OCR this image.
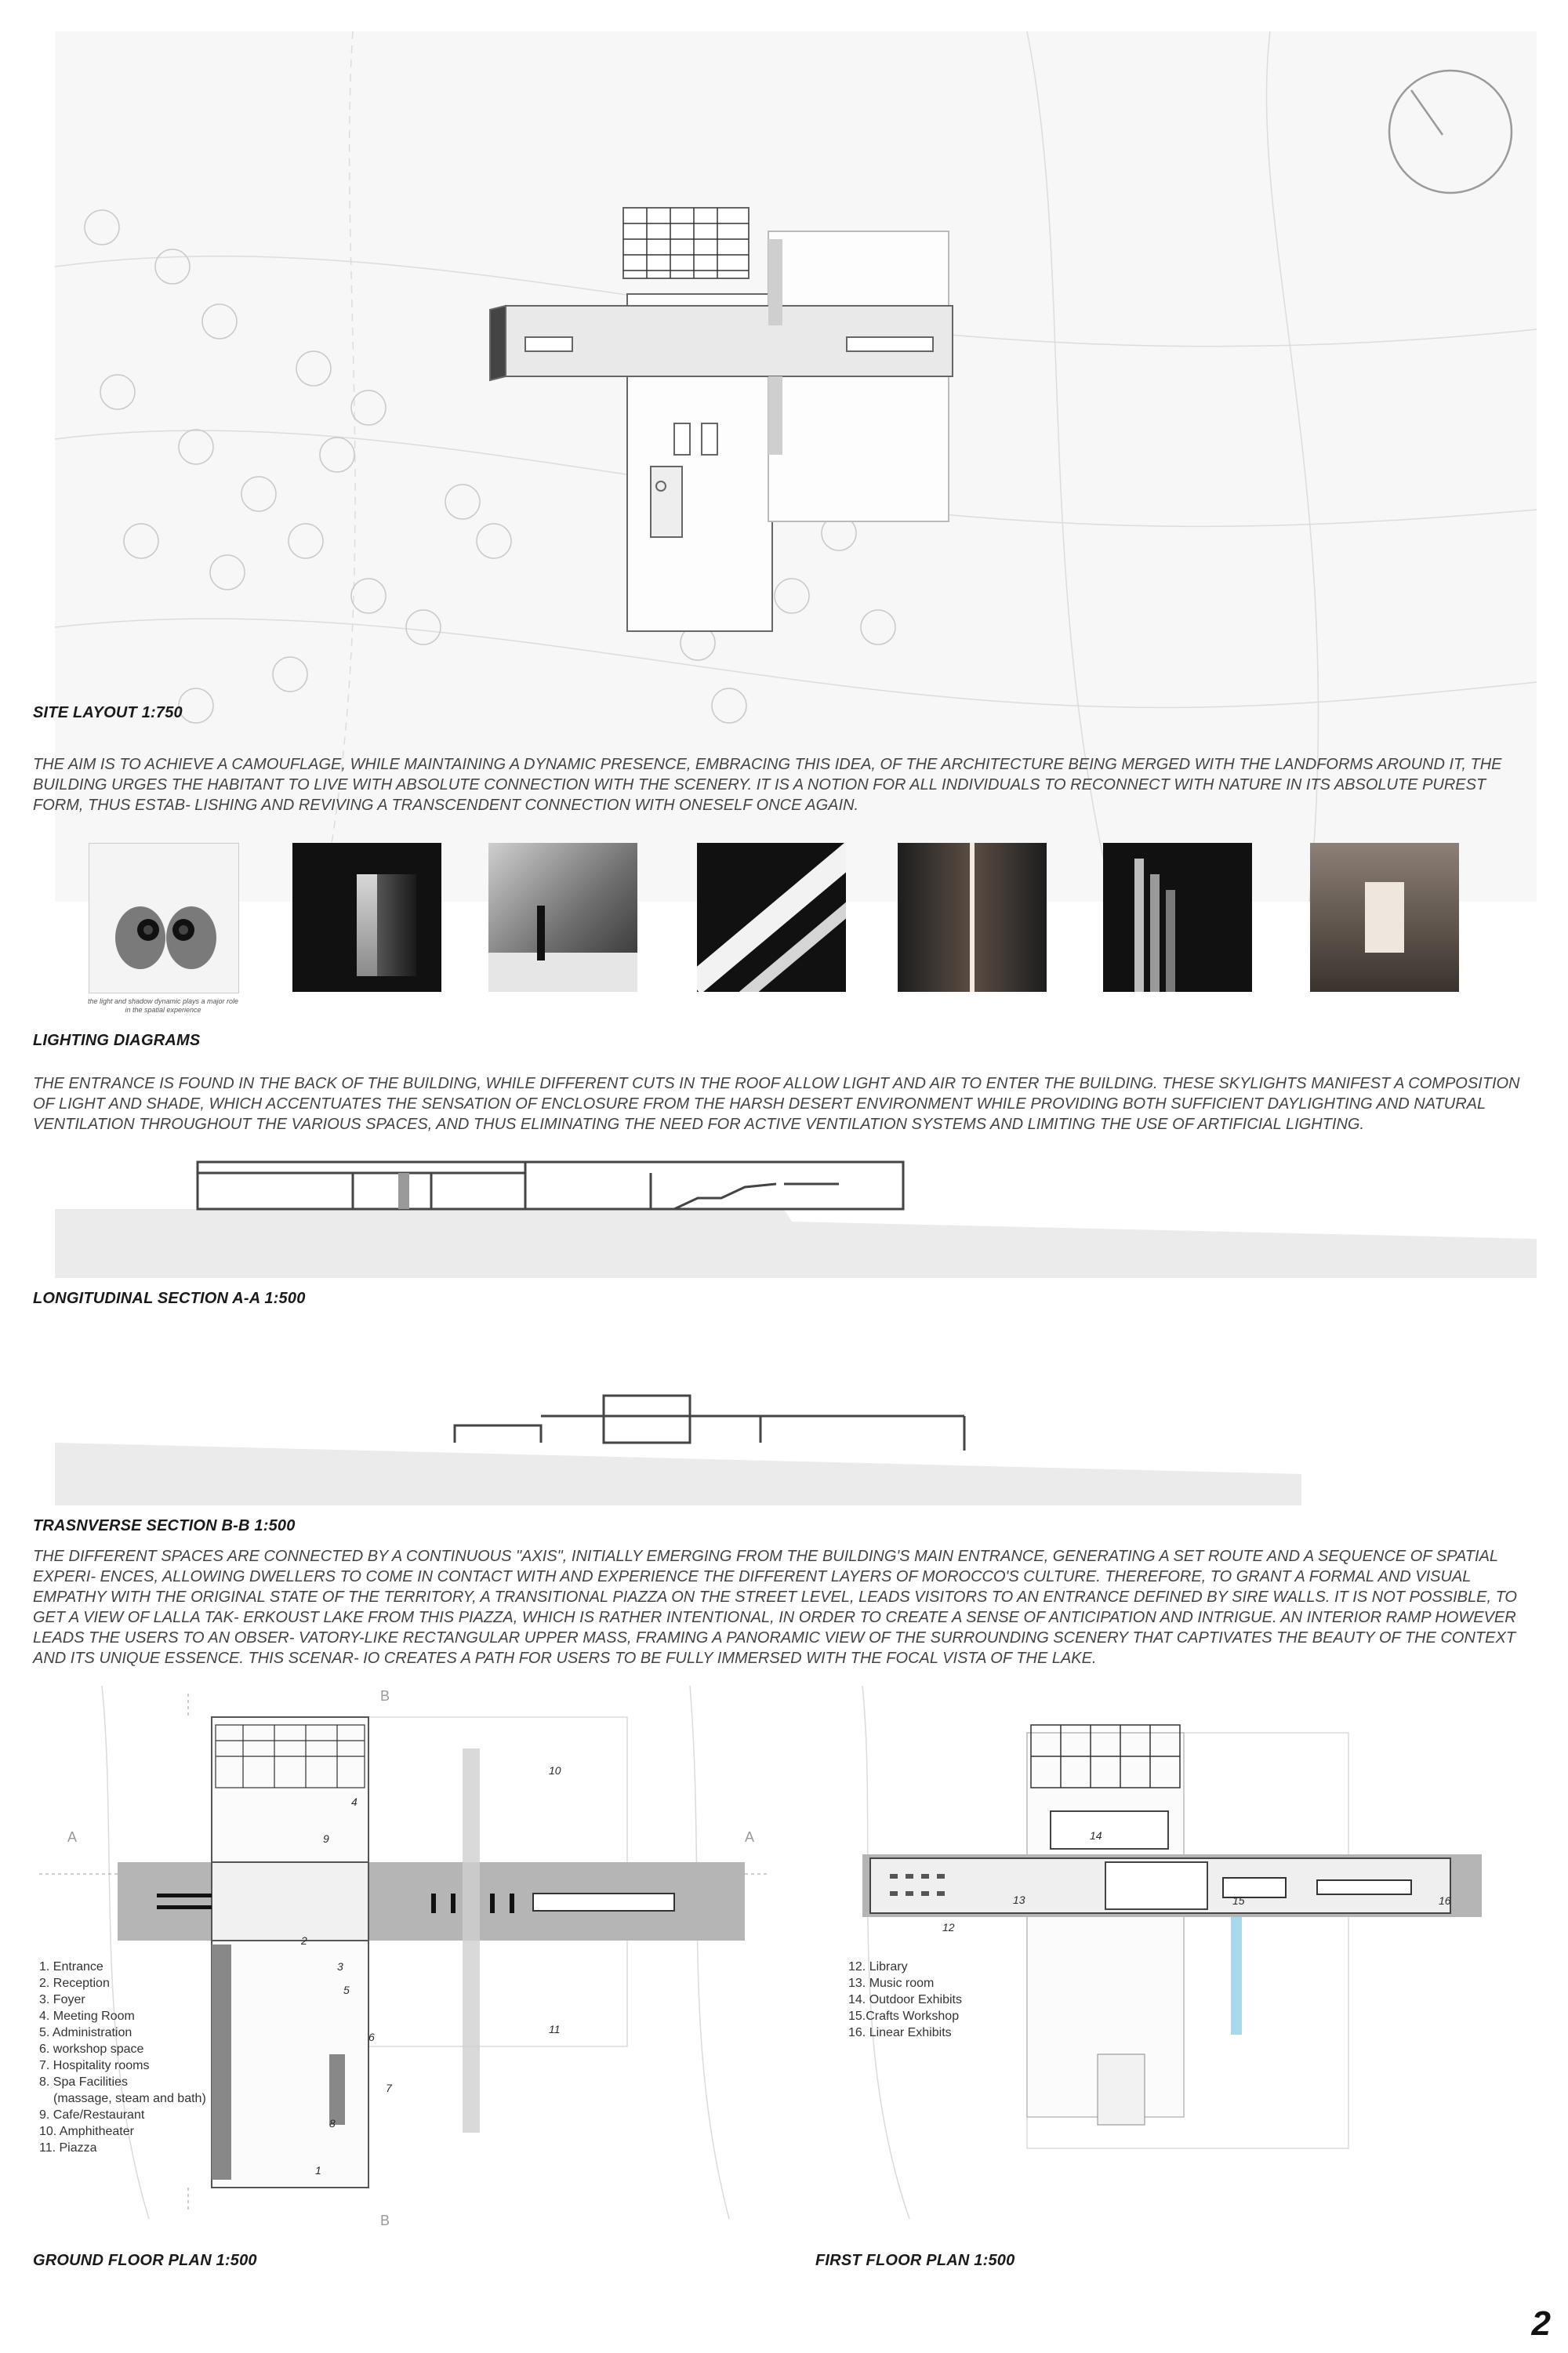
SITE LAYOUT 1:750

THE AIM IS TO ACHIEVE A CAMOUFLAGE, WHILE MAINTAINING A DYNAMIC PRESENCE, EMBRACING THIS IDEA, OF THE ARCHITECTURE BEING MERGED WITH THE LANDFORMS AROUND IT, THE BUILDING URGES THE HABITANT TO LIVE WITH ABSOLUTE CONNECTION WITH THE SCENERY. IT IS A NOTION FOR ALL INDIVIDUALS TO RECONNECT WITH NATURE IN ITS ABSOLUTE PUREST FORM, THUS ESTAB- LISHING AND REVIVING A TRANSCENDENT CONNECTION WITH ONESELF ONCE AGAIN.

the light and shadow dynamic plays a major role in the spatial experience
LIGHTING DIAGRAMS

THE ENTRANCE IS FOUND IN THE BACK OF THE BUILDING, WHILE DIFFERENT CUTS IN THE ROOF ALLOW LIGHT AND AIR TO ENTER THE BUILDING. THESE SKYLIGHTS MANIFEST A COMPOSITION OF LIGHT AND SHADE, WHICH ACCENTUATES THE SENSATION OF ENCLOSURE FROM THE HARSH DESERT ENVIRONMENT WHILE PROVIDING BOTH SUFFICIENT DAYLIGHTING AND NATURAL VENTILATION THROUGHOUT THE VARIOUS SPACES, AND THUS ELIMINATING THE NEED FOR ACTIVE VENTILATION SYSTEMS AND LIMITING THE USE OF ARTIFICIAL LIGHTING.

LONGITUDINAL SECTION A-A 1:500
TRASNVERSE SECTION B-B 1:500

THE DIFFERENT SPACES ARE CONNECTED BY A CONTINUOUS "AXIS", INITIALLY EMERGING FROM THE BUILDING'S MAIN ENTRANCE, GENERATING A SET ROUTE AND A SEQUENCE OF SPATIAL EXPERI- ENCES, ALLOWING DWELLERS TO COME IN CONTACT WITH AND EXPERIENCE THE DIFFERENT LAYERS OF MOROCCO'S CULTURE. THEREFORE, TO GRANT A FORMAL AND VISUAL EMPATHY WITH THE ORIGINAL STATE OF THE TERRITORY, A TRANSITIONAL PIAZZA ON THE STREET LEVEL, LEADS VISITORS TO AN ENTRANCE DEFINED BY SIRE WALLS. IT IS NOT POSSIBLE, TO GET A VIEW OF LALLA TAK- ERKOUST LAKE FROM THIS PIAZZA, WHICH IS RATHER INTENTIONAL, IN ORDER TO CREATE A SENSE OF ANTICIPATION AND INTRIGUE. AN INTERIOR RAMP HOWEVER LEADS THE USERS TO AN OBSER- VATORY-LIKE RECTANGULAR UPPER MASS, FRAMING A PANORAMIC VIEW OF THE SURROUNDING SCENERY THAT CAPTIVATES THE BEAUTY OF THE CONTEXT AND ITS UNIQUE ESSENCE. THIS SCENAR- IO CREATES A PATH FOR USERS TO BE FULLY IMMERSED WITH THE FOCAL VISTA OF THE LAKE.

A	A
B
B
1
2
3
4
5
6
7
8
9
10
11
1. Entrance
2. Reception
3. Foyer
4. Meeting Room
5. Administration
6. workshop space
7. Hospitality rooms
8. Spa Facilities
(massage, steam and bath)
9. Cafe/Restaurant
10. Amphitheater
11. Piazza
GROUND FLOOR PLAN 1:500
12
13
14
15	16
12. Library
13. Music room
14. Outdoor Exhibits
15.Crafts Workshop
16. Linear Exhibits
FIRST FLOOR PLAN 1:500
2
